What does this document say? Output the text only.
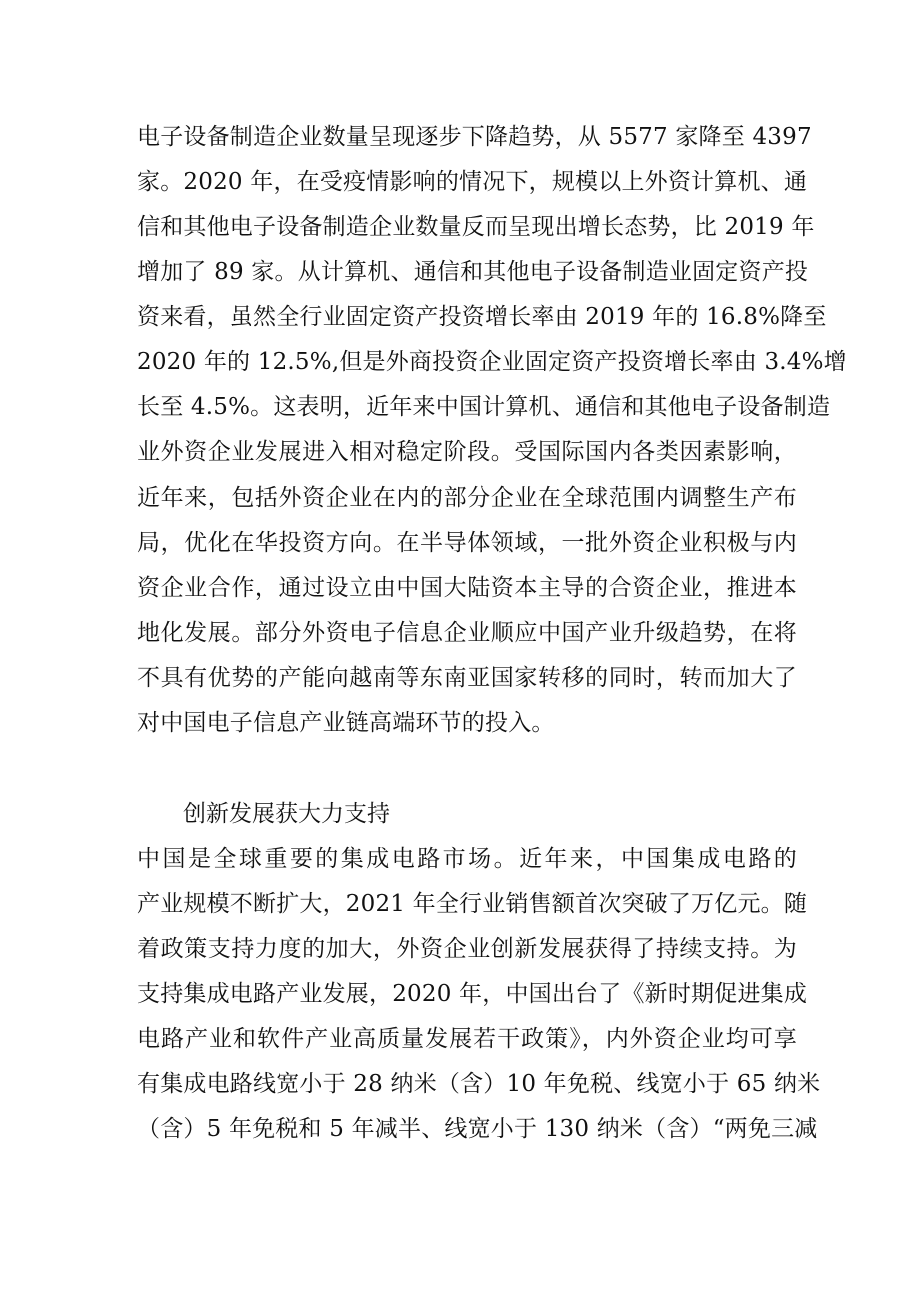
电子设备制造企业数量呈现逐步下降趋势，从 5577 家降至 4397
家。2020 年，在受疫情影响的情况下，规模以上外资计算机、通
信和其他电子设备制造企业数量反而呈现出增长态势，比 2019 年
增加了 89 家。从计算机、通信和其他电子设备制造业固定资产投
资来看，虽然全行业固定资产投资增长率由 2019 年的 16.8%降至
2020 年的 12.5%,但是外商投资企业固定资产投资增长率由 3.4%增
长至 4.5%。这表明，近年来中国计算机、通信和其他电子设备制造
业外资企业发展进入相对稳定阶段。受国际国内各类因素影响，
近年来，包括外资企业在内的部分企业在全球范围内调整生产布
局，优化在华投资方向。在半导体领域，一批外资企业积极与内
资企业合作，通过设立由中国大陆资本主导的合资企业，推进本
地化发展。部分外资电子信息企业顺应中国产业升级趋势，在将
不具有优势的产能向越南等东南亚国家转移的同时，转而加大了
对中国电子信息产业链高端环节的投入。
创新发展获大力支持
中国是全球重要的集成电路市场。近年来，中国集成电路的
产业规模不断扩大，2021 年全行业销售额首次突破了万亿元。随
着政策支持力度的加大，外资企业创新发展获得了持续支持。为
支持集成电路产业发展，2020 年，中国出台了《新时期促进集成
电路产业和软件产业高质量发展若干政策》，内外资企业均可享
有集成电路线宽小于 28 纳米（含）10 年免税、线宽小于 65 纳米
（含）5 年免税和 5 年减半、线宽小于 130 纳米（含）“两免三减
